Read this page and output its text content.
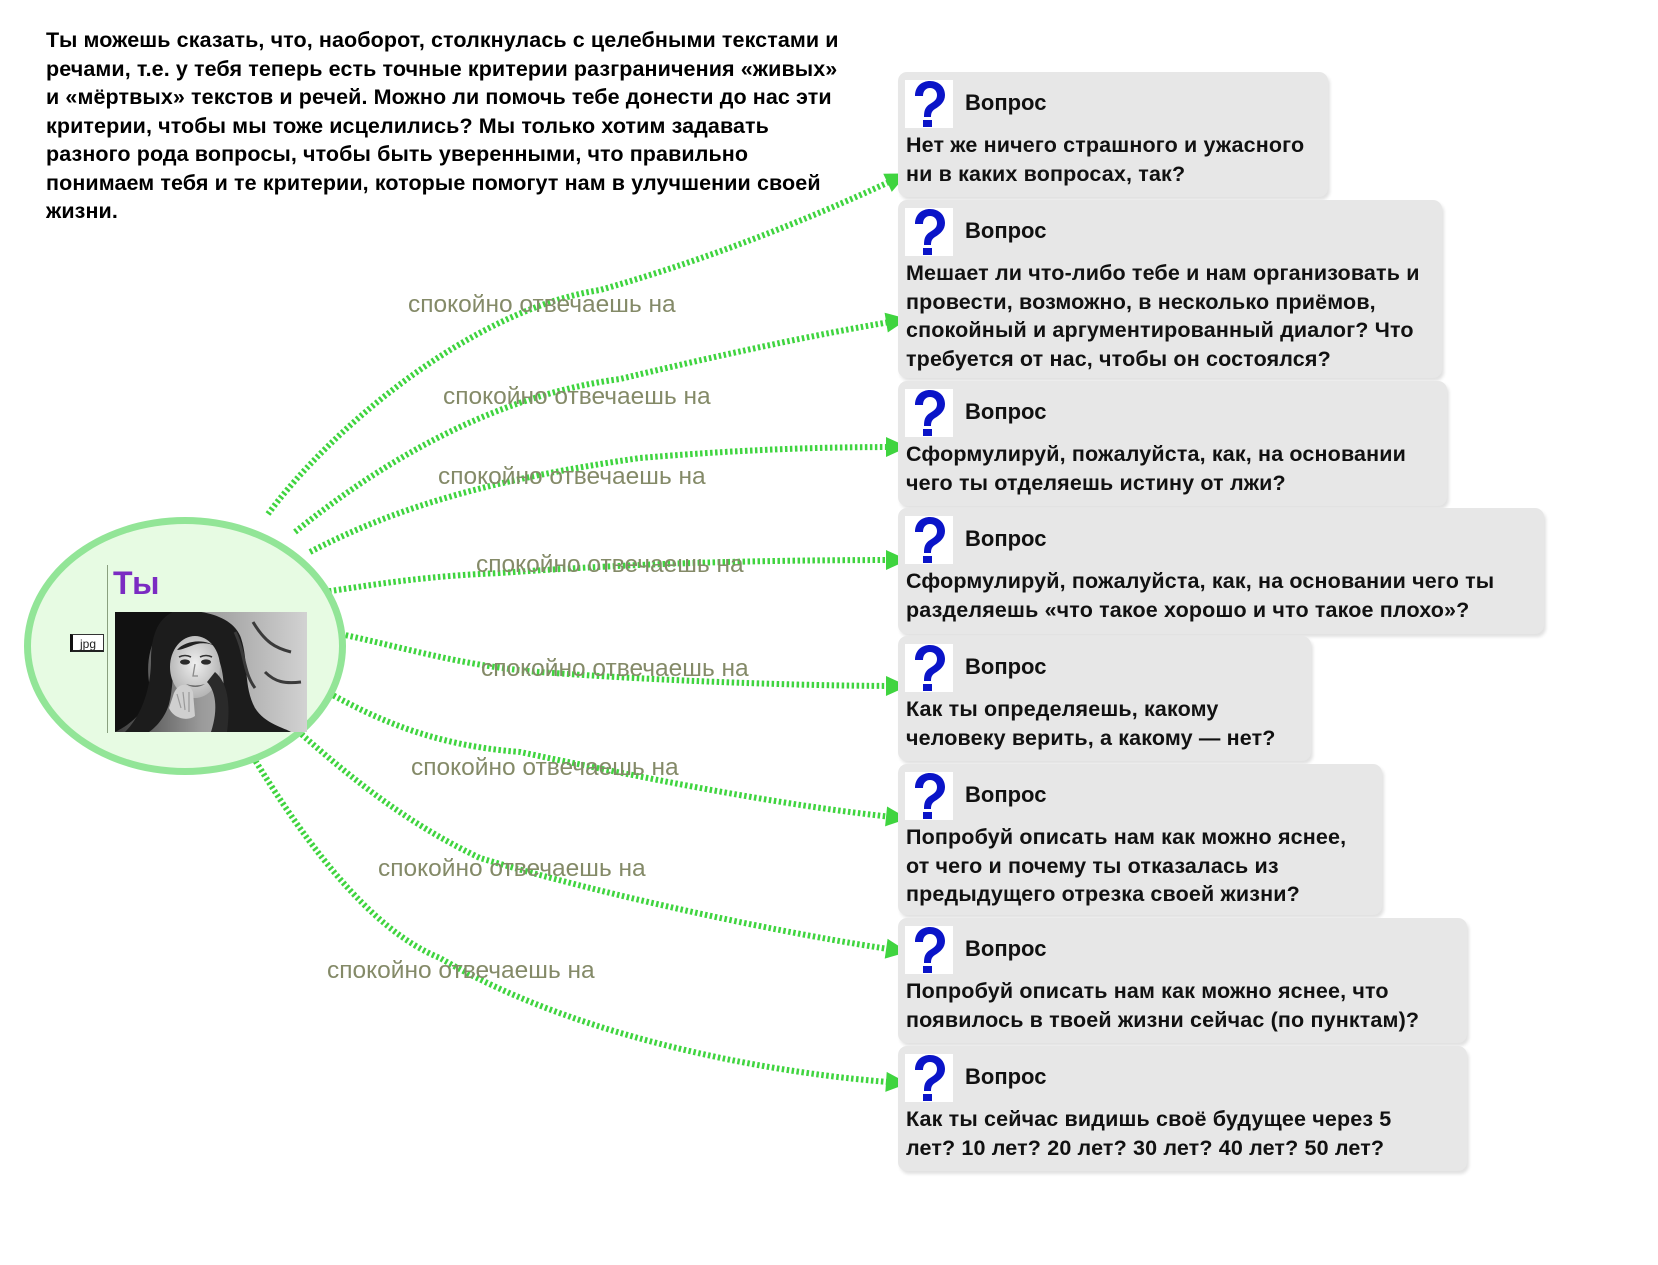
Ты можешь сказать, что, наоборот, столкнулась с целебными текстами и речами, т.е. у тебя теперь есть точные критерии разграничения «живых» и «мёртвых» текстов и речей. Можно ли помочь тебе донести до нас эти критерии, чтобы мы тоже исцелились? Мы только хотим задавать разного рода вопросы, чтобы быть уверенными, что правильно понимаем тебя и те критерии, которые помогут нам в улучшении своей жизни.
спокойно отвечаешь на
спокойно отвечаешь на
спокойно отвечаешь на
спокойно отвечаешь на
спокойно отвечаешь на
спокойно отвечаешь на
спокойно отвечаешь на
спокойно отвечаешь на
Ты
jpg
Вопрос
Нет же ничего страшного и ужасного ни в каких вопросах, так?
Вопрос
Мешает ли что-либо тебе и нам организовать и провести, возможно, в несколько приёмов, спокойный и аргументированный диалог? Что требуется от нас, чтобы он состоялся?
Вопрос
Сформулируй, пожалуйста, как, на основании чего ты отделяешь истину от лжи?
Вопрос
Сформулируй, пожалуйста, как, на основании чего ты разделяешь «что такое хорошо и что такое плохо»?
Вопрос
Как ты определяешь, какому человеку верить, а какому — нет?
Вопрос
Попробуй описать нам как можно яснее, от чего и почему ты отказалась из предыдущего отрезка своей жизни?
Вопрос
Попробуй описать нам как можно яснее, что появилось в твоей жизни сейчас (по пунктам)?
Вопрос
Как ты сейчас видишь своё будущее через 5 лет? 10 лет? 20 лет? 30 лет? 40 лет? 50 лет?
